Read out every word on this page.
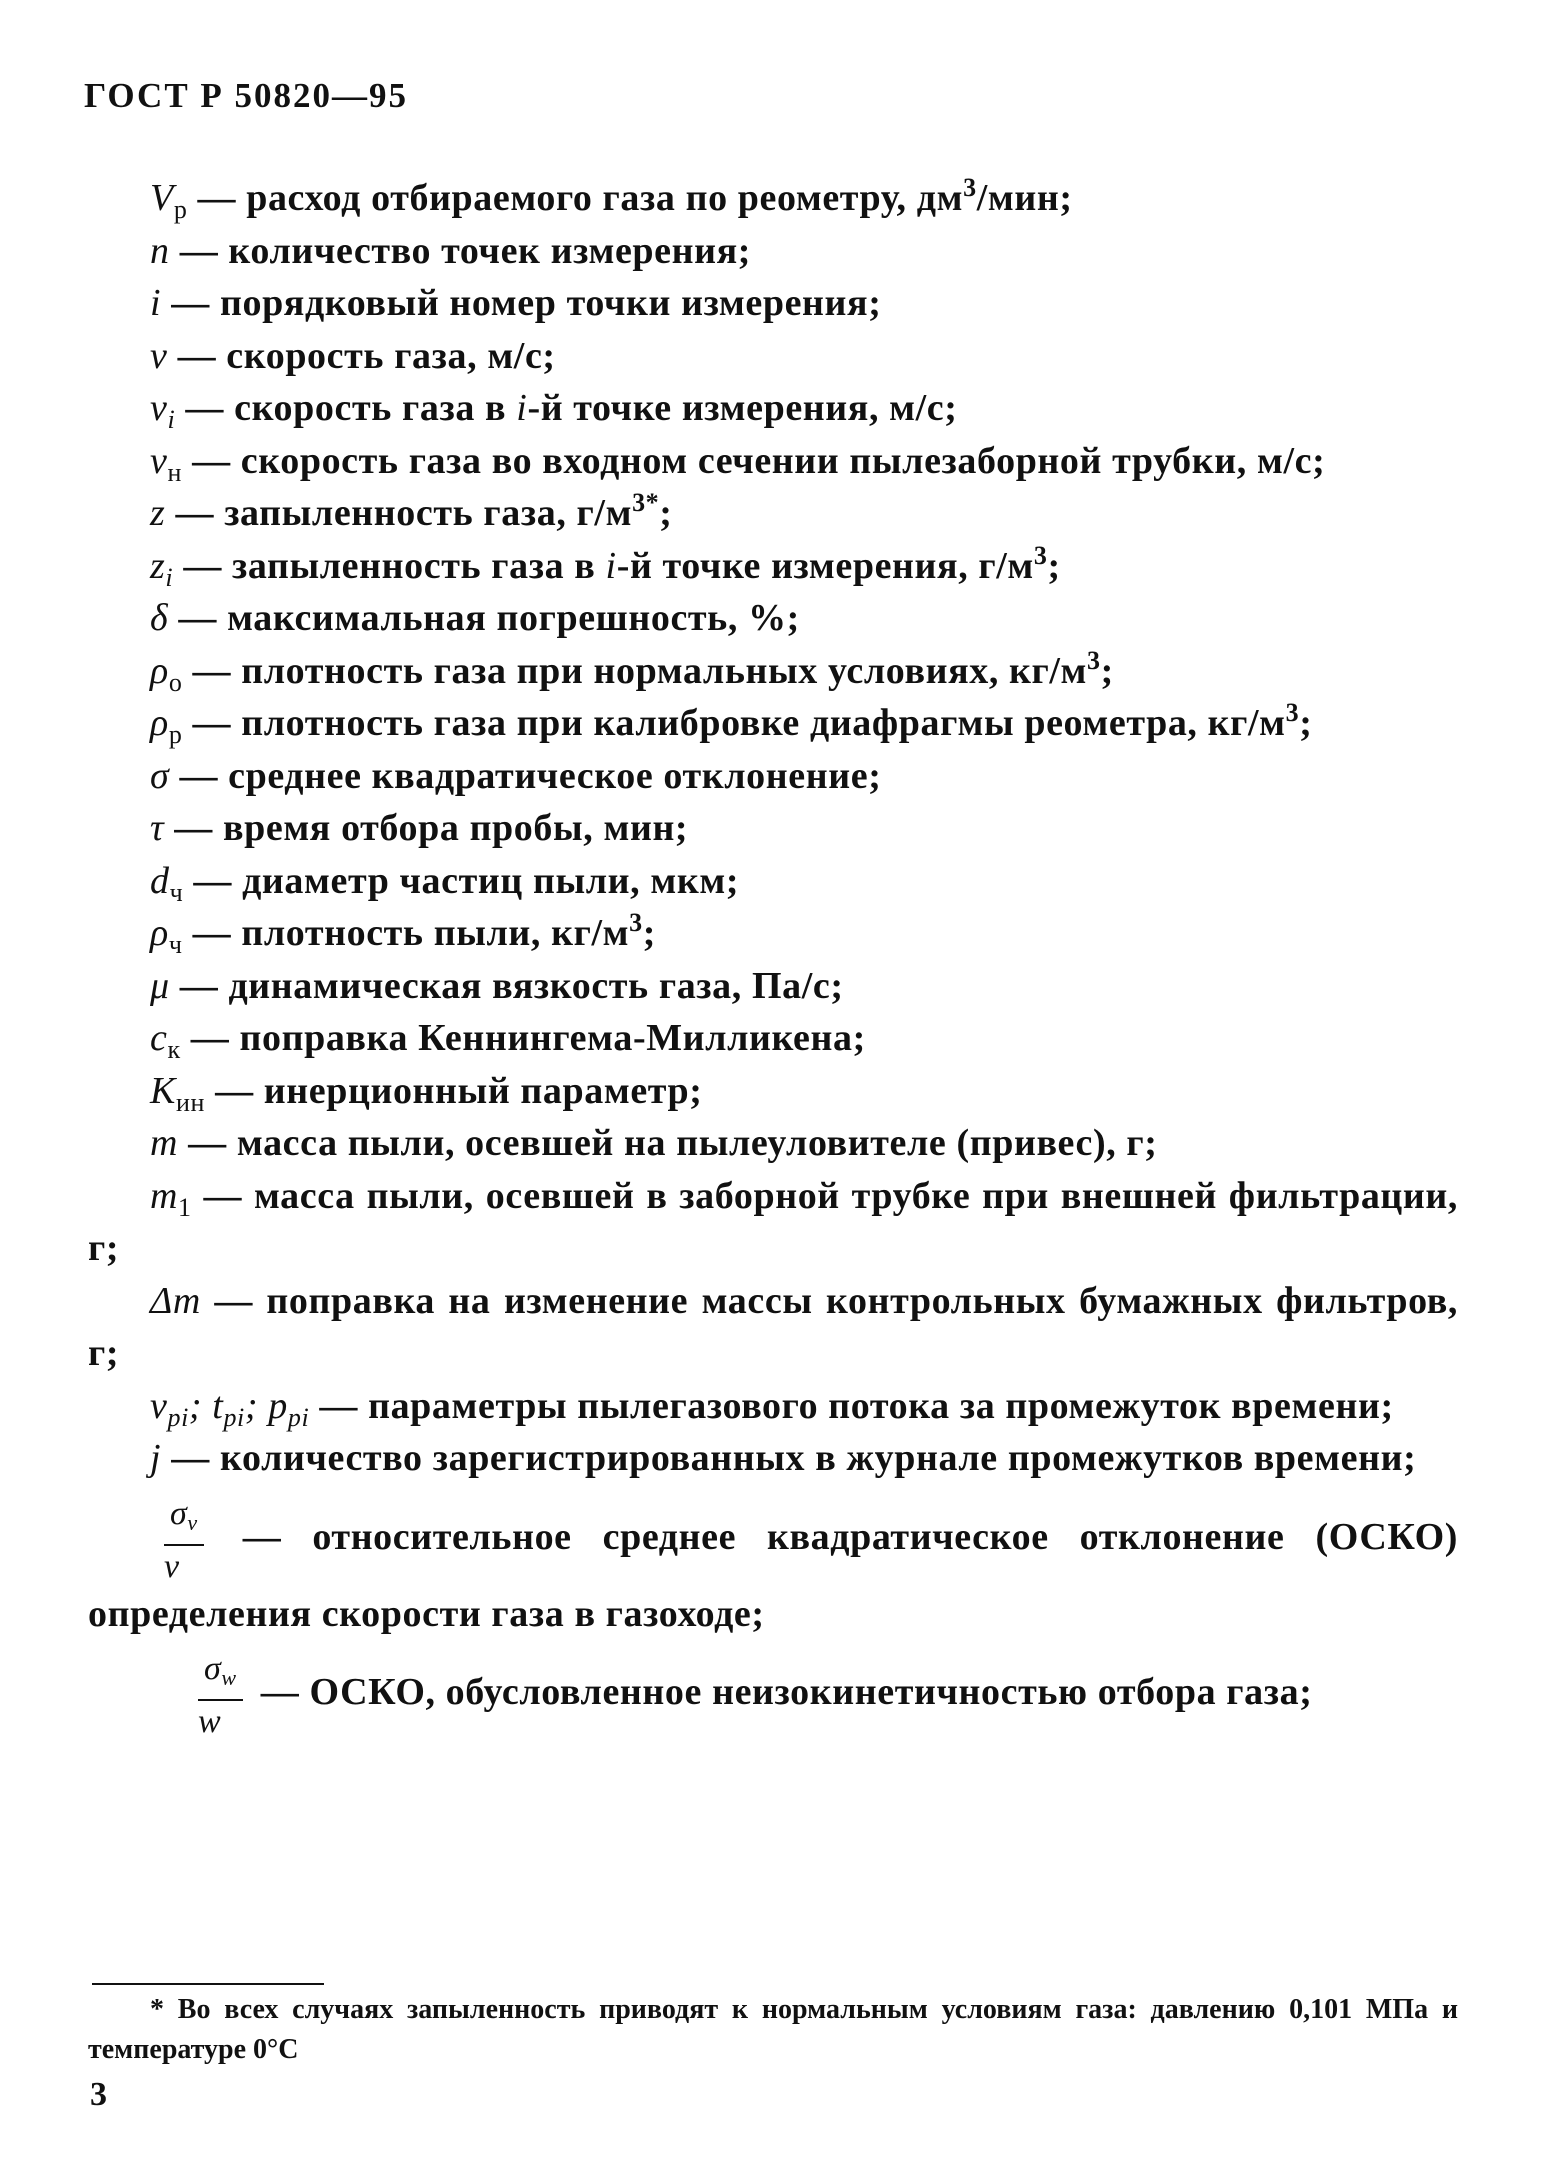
ГОСТ Р 50820—95

$V_р$ — расход отбираемого газа по реометру, $дм^3$/мин;

n — количество точек измерения;

i — порядковый номер точки измерения;

v — скорость газа, м/с;

$v_i$ — скорость газа в i-й точке измерения, м/с;

$v_н$ — скорость газа во входном сечении пылезаборной трубки, м/с;

z — запыленность газа, $г/м^{3*}$;

$z_i$ — запыленность газа в i-й точке измерения, $г/м^3$;

δ — максимальная погрешность, %;

$\rho_о$ — плотность газа при нормальных условиях, $кг/м^3$;

$\rho_р$ — плотность газа при калибровке диафрагмы реометра, $кг/м^3$;

σ — среднее квадратическое отклонение;

τ — время отбора пробы, мин;

$d_ч$ — диаметр частиц пыли, мкм;

$\rho_ч$ — плотность пыли, $кг/м^3$;

μ — динамическая вязкость газа, Па/с;

$c_к$ — поправка Кеннингема-Милликена;

$K_{ин}$ — инерционный параметр;

m — масса пыли, осевшей на пылеуловителе (привес), г;

$m_1$ — масса пыли, осевшей в заборной трубке при внешней фильтрации, г;

Δm — поправка на изменение массы контрольных бумажных фильтров, г;

$v_{pi}$; $t_{pi}$; $p_{pi}$ — параметры пылегазового потока за промежуток времени;

j — количество зарегистрированных в журнале промежутков времени;

$\frac{\sigma v}{v}$ — относительное среднее квадратическое отклонение (ОСКО) определения скорости газа в газоходе;

$\frac{\sigma w}{w}$ — ОСКО, обусловленное неизокинетичностью отбора газа;

* Во всех случаях запыленность приводят к нормальным условиям газа: давлению 0,101 МПа и температуре 0°С
3
